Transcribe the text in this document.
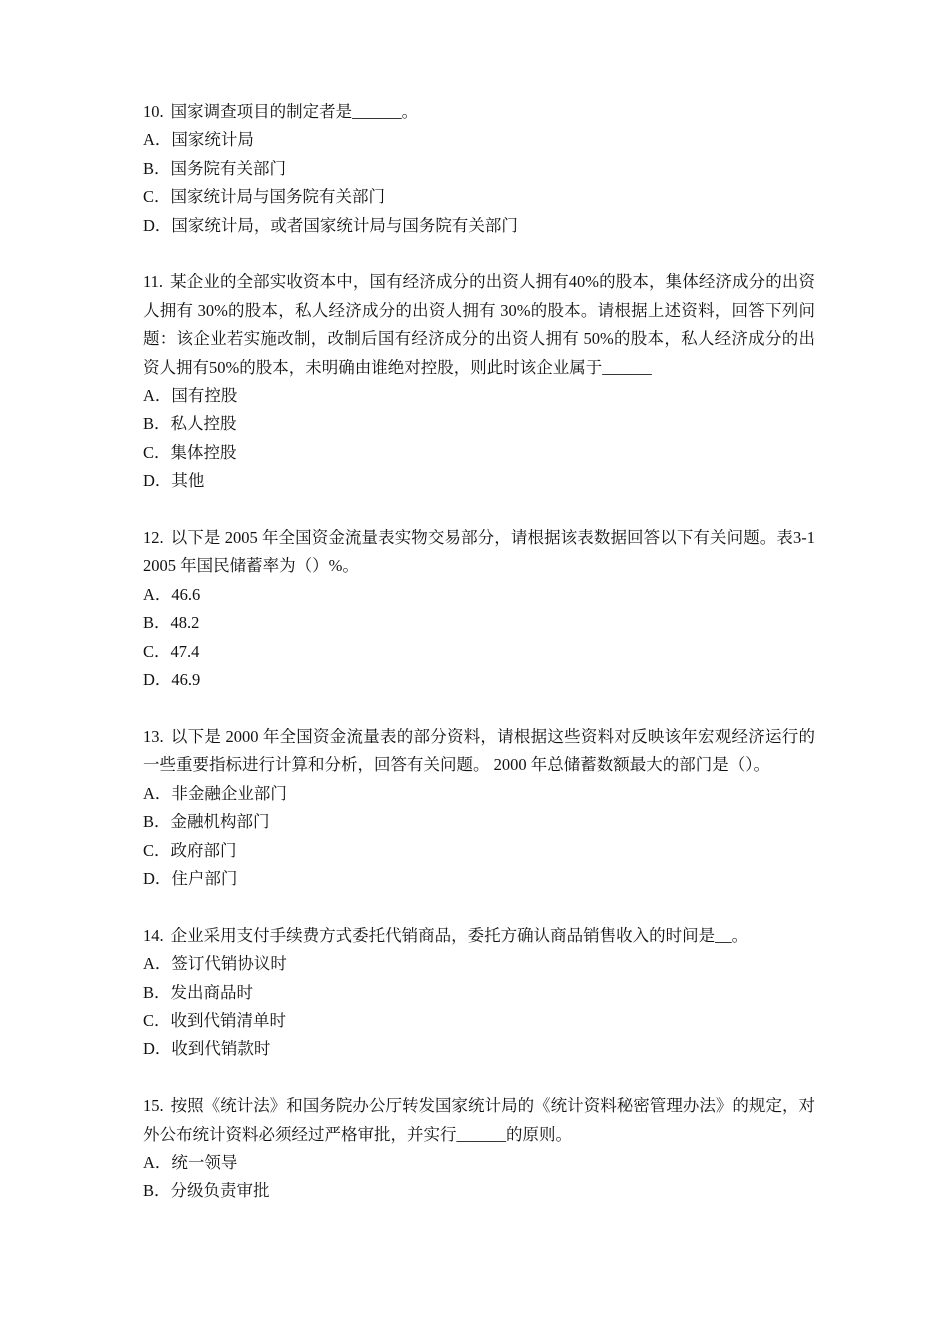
10. 国家调查项目的制定者是______。

A．国家统计局

B．国务院有关部门

C．国家统计局与国务院有关部门

D．国家统计局，或者国家统计局与国务院有关部门

11. 某企业的全部实收资本中，国有经济成分的出资人拥有40%的股本，集体经济成分的出资人拥有 30%的股本，私人经济成分的出资人拥有 30%的股本。请根据上述资料，回答下列问题：该企业若实施改制，改制后国有经济成分的出资人拥有 50%的股本，私人经济成分的出资人拥有50%的股本，未明确由谁绝对控股，则此时该企业属于______

A．国有控股

B．私人控股

C．集体控股

D．其他

12. 以下是 2005 年全国资金流量表实物交易部分，请根据该表数据回答以下有关问题。表3-1 2005 年国民储蓄率为（）%。

A．46.6

B．48.2

C．47.4

D．46.9

13. 以下是 2000 年全国资金流量表的部分资料，请根据这些资料对反映该年宏观经济运行的一些重要指标进行计算和分析，回答有关问题。 2000 年总储蓄数额最大的部门是（）。

A．非金融企业部门

B．金融机构部门

C．政府部门

D．住户部门

14. 企业采用支付手续费方式委托代销商品，委托方确认商品销售收入的时间是__。

A．签订代销协议时

B．发出商品时

C．收到代销清单时

D．收到代销款时

15. 按照《统计法》和国务院办公厅转发国家统计局的《统计资料秘密管理办法》的规定，对外公布统计资料必须经过严格审批，并实行______的原则。

A．统一领导

B．分级负责审批
